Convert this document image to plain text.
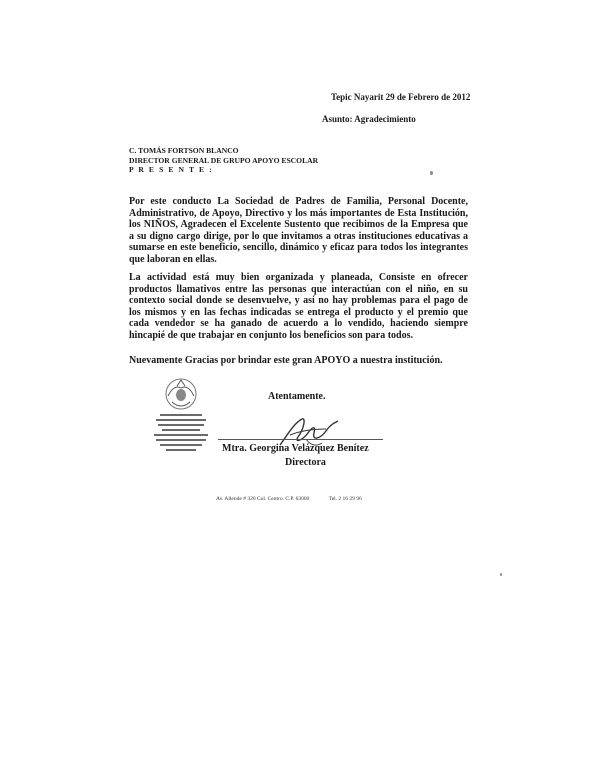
Tepic Nayarit 29 de Febrero de 2012
Asunto: Agradecimiento
C. TOMÁS FORTSON BLANCO
DIRECTOR GENERAL DE GRUPO APOYO ESCOLAR
P R E S E N T E :

Por este conducto La Sociedad de Padres de Familia, Personal Docente, Administrativo, de Apoyo, Directivo y los más importantes de Esta Institución, los NIÑOS, Agradecen el Excelente Sustento que recibimos de la Empresa que a su digno cargo dirige, por lo que invitamos a otras instituciones educativas a sumarse en este beneficio, sencillo, dinámico y eficaz para todos los integrantes que laboran en ellas.

La actividad está muy bien organizada y planeada, Consiste en ofrecer productos llamativos entre las personas que interactúan con el niño, en su contexto social donde se desenvuelve, y así no hay problemas para el pago de los mismos y en las fechas indicadas se entrega el producto y el premio que cada vendedor se ha ganado de acuerdo a lo vendido, haciendo siempre hincapié de que trabajar en conjunto los beneficios son para todos.

Nuevamente Gracias por brindar este gran APOYO a nuestra institución.

Atentamente.
Mtra. Georgina Velázquez Benítez
Directora
Av. Allende # 320 Col. Centro. C.P. 63000	Tel. 2 16 29 96
